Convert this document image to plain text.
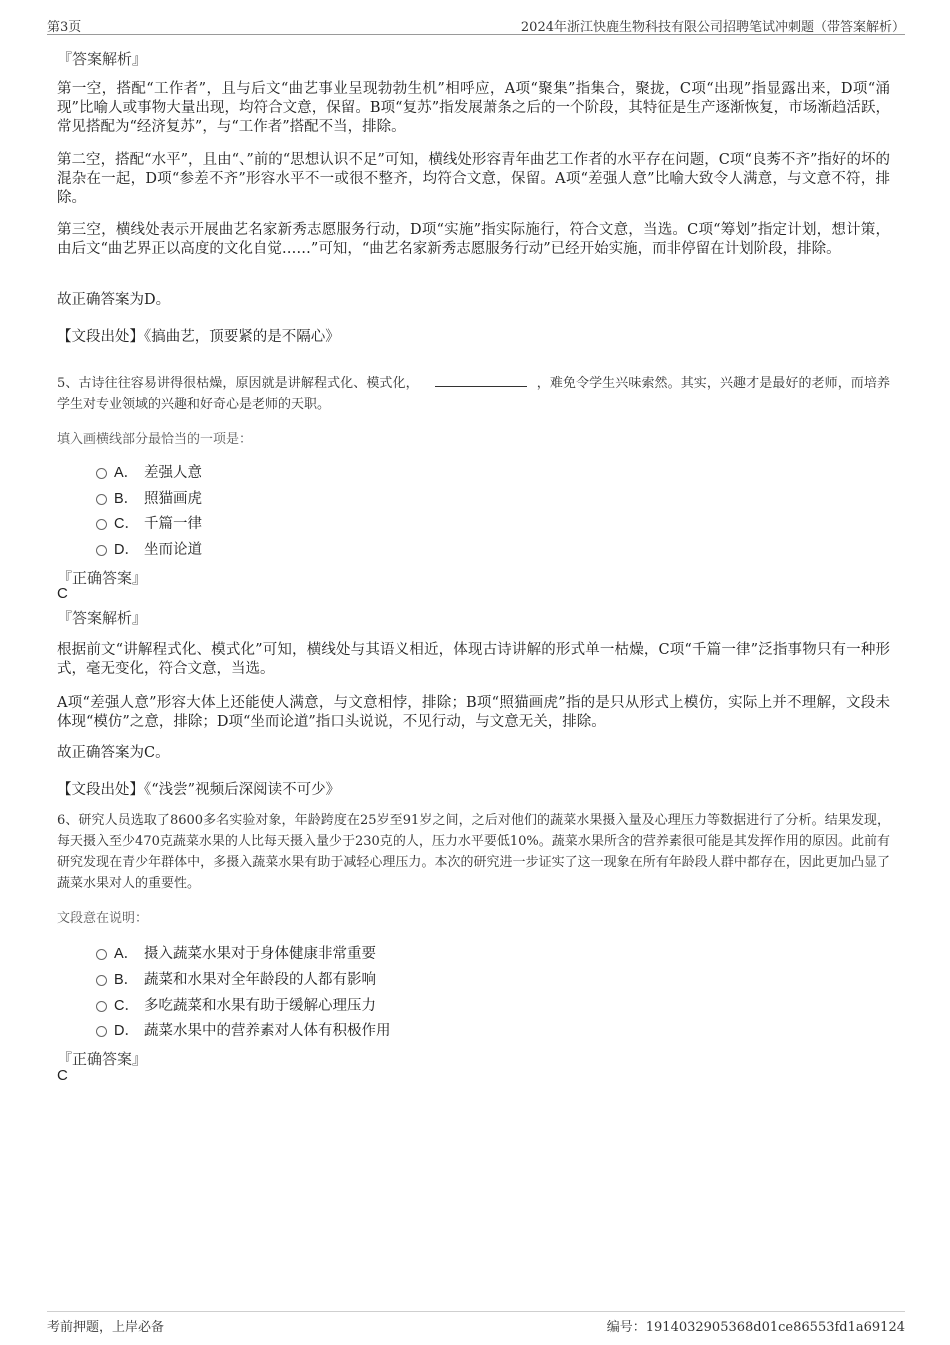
第3页	2024年浙江快鹿生物科技有限公司招聘笔试冲刺题（带答案解析）
『答案解析』
第一空，搭配“工作者”，且与后文“曲艺事业呈现勃勃生机”相呼应，A项“聚集”指集合，聚拢，C项“出现”指显露出来，D项“涌现”比喻人或事物大量出现，均符合文意，保留。B项“复苏”指发展萧条之后的一个阶段，其特征是生产逐渐恢复，市场渐趋活跃，常见搭配为“经济复苏”，与“工作者”搭配不当，排除。
第二空，搭配“水平”，且由“、”前的“思想认识不足”可知，横线处形容青年曲艺工作者的水平存在问题，C项“良莠不齐”指好的坏的混杂在一起，D项“参差不齐”形容水平不一或很不整齐，均符合文意，保留。A项“差强人意”比喻大致令人满意，与文意不符，排除。
第三空，横线处表示开展曲艺名家新秀志愿服务行动，D项“实施”指实际施行，符合文意，当选。C项“筹划”指定计划，想计策，由后文“曲艺界正以高度的文化自觉……”可知，“曲艺名家新秀志愿服务行动”已经开始实施，而非停留在计划阶段，排除。
故正确答案为D。
【文段出处】《搞曲艺，顶要紧的是不隔心》
5、古诗往往容易讲得很枯燥，原因就是讲解程式化、模式化，	，难免令学生兴味索然。其实，兴趣才是最好的老师，而培养学生对专业领域的兴趣和好奇心是老师的天职。
填入画横线部分最恰当的一项是：
A． 差强人意
B． 照猫画虎
C． 千篇一律
D． 坐而论道
『正确答案』
C
『答案解析』
根据前文“讲解程式化、模式化”可知，横线处与其语义相近，体现古诗讲解的形式单一枯燥，C项“千篇一律”泛指事物只有一种形式，毫无变化，符合文意，当选。
A项“差强人意”形容大体上还能使人满意，与文意相悖，排除；B项“照猫画虎”指的是只从形式上模仿，实际上并不理解，文段未体现“模仿”之意，排除；D项“坐而论道”指口头说说，不见行动，与文意无关，排除。
故正确答案为C。
【文段出处】《“浅尝”视频后深阅读不可少》
6、研究人员选取了8600多名实验对象，年龄跨度在25岁至91岁之间，之后对他们的蔬菜水果摄入量及心理压力等数据进行了分析。结果发现，每天摄入至少470克蔬菜水果的人比每天摄入量少于230克的人，压力水平要低10%。蔬菜水果所含的营养素很可能是其发挥作用的原因。此前有研究发现在青少年群体中，多摄入蔬菜水果有助于减轻心理压力。本次的研究进一步证实了这一现象在所有年龄段人群中都存在，因此更加凸显了蔬菜水果对人的重要性。
文段意在说明：
A． 摄入蔬菜水果对于身体健康非常重要
B． 蔬菜和水果对全年龄段的人都有影响
C． 多吃蔬菜和水果有助于缓解心理压力
D． 蔬菜水果中的营养素对人体有积极作用
『正确答案』
C
考前押题，上岸必备	编号：1914032905368d01ce86553fd1a69124
